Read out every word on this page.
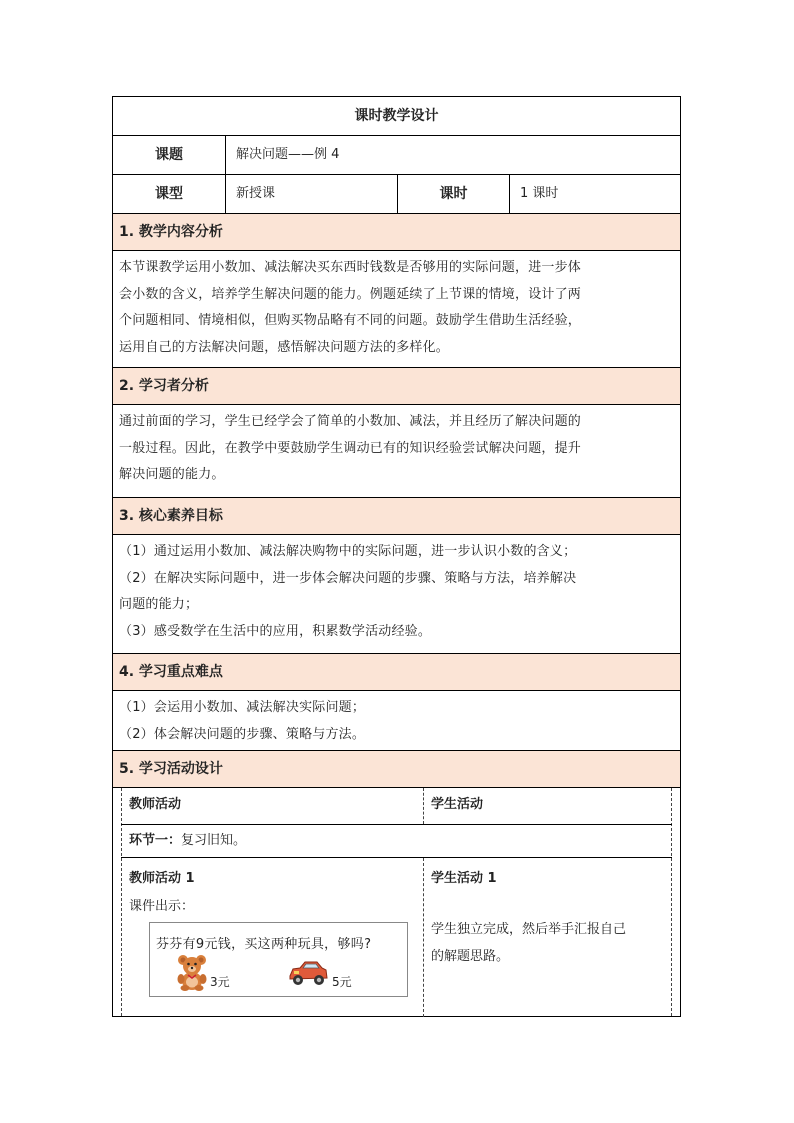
课时教学设计
课题	解决问题——例 4
课型	新授课	课时	1 课时
1. 教学内容分析

本节课教学运用小数加、减法解决买东西时钱数是否够用的实际问题，进一步体

会小数的含义，培养学生解决问题的能力。例题延续了上节课的情境，设计了两

个问题相同、情境相似，但购买物品略有不同的问题。鼓励学生借助生活经验，

运用自己的方法解决问题，感悟解决问题方法的多样化。

2. 学习者分析

通过前面的学习，学生已经学会了简单的小数加、减法，并且经历了解决问题的

一般过程。因此，在教学中要鼓励学生调动已有的知识经验尝试解决问题，提升

解决问题的能力。

3. 核心素养目标

（1）通过运用小数加、减法解决购物中的实际问题，进一步认识小数的含义；

（2）在解决实际问题中，进一步体会解决问题的步骤、策略与方法，培养解决

问题的能力；

（3）感受数学在生活中的应用，积累数学活动经验。

4. 学习重点难点

（1）会运用小数加、减法解决实际问题；

（2）体会解决问题的步骤、策略与方法。

5. 学习活动设计
教师活动	学生活动
环节一：复习旧知。
教师活动 1
课件出示：
芬芬有9元钱，买这两种玩具，够吗?
3元	5元
学生活动 1
学生独立完成，然后举手汇报自己
的解题思路。
